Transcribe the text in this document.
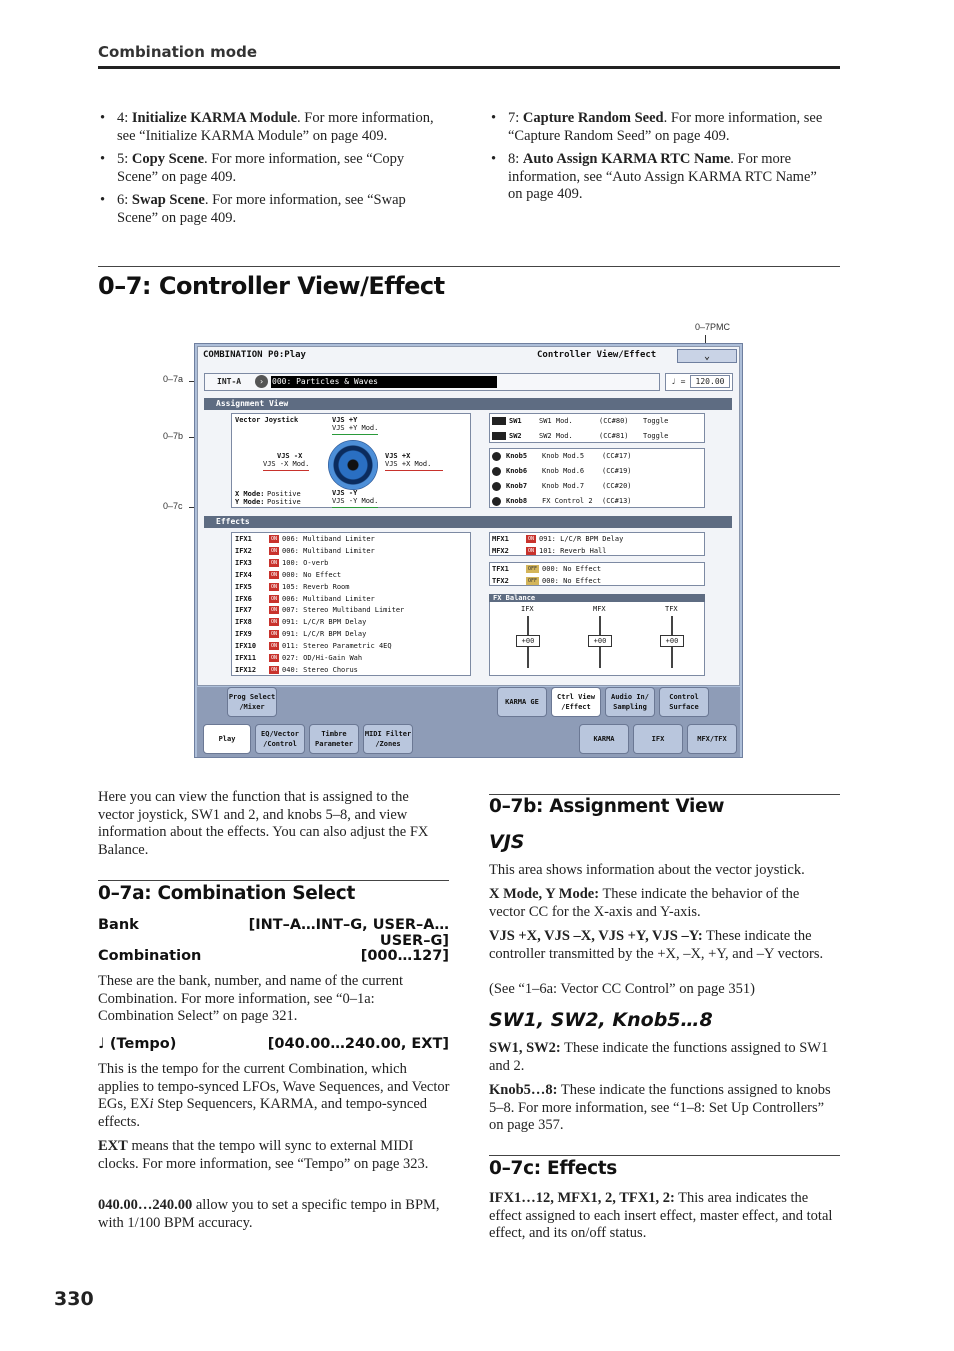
Combination mode
• 4: Initialize KARMA Module. For more information, see “Initialize KARMA Module” on page 409.
• 5: Copy Scene. For more information, see “Copy Scene” on page 409.
• 6: Swap Scene. For more information, see “Swap Scene” on page 409.
• 7: Capture Random Seed. For more information, see “Capture Random Seed” on page 409.
• 8: Auto Assign KARMA RTC Name. For more information, see “Auto Assign KARMA RTC Name” on page 409.
0–7: Controller View/Effect
0–7PMC
0–7a
0–7b
0–7c
COMBINATION P0:Play	Controller View/Effect	⌄
INT-A	›	000: Particles & Waves	♩ =	120.00
Assignment View
Vector Joystick	VJS +Y
VJS +Y Mod.
VJS -X
VJS -X Mod.
VJS +X
VJS +X Mod.
X Mode: Positive
Y Mode: Positive
VJS -Y
VJS -Y Mod.
SW1	SW1 Mod.	(CC#80)	Toggle
SW2	SW2 Mod.	(CC#81)	Toggle
Knob5	Knob Mod.5	(CC#17)
Knob6	Knob Mod.6	(CC#19)
Knob7	Knob Mod.7	(CC#20)
Knob8	FX Control 2	(CC#13)
Effects
IFX1	ON 006: Multiband Limiter
IFX2	ON 006: Multiband Limiter
IFX3	ON 100: O-verb
IFX4	ON 000: No Effect
IFX5	ON 105: Reverb Room
IFX6	ON 006: Multiband Limiter
IFX7	ON 007: Stereo Multiband Limiter
IFX8	ON 091: L/C/R BPM Delay
IFX9	ON 091: L/C/R BPM Delay
IFX10	ON 011: Stereo Parametric 4EQ
IFX11	ON 027: OD/Hi-Gain Wah
IFX12	ON 040: Stereo Chorus
MFX1	ON 091: L/C/R BPM Delay
MFX2	ON 101: Reverb Hall
TFX1	OFF 000: No Effect
TFX2	OFF 000: No Effect
FX Balance
IFX
+00
MFX
+00
TFX
+00
Prog Select /Mixer
KARMA GE
Ctrl View /Effect
Audio In/ Sampling
Control Surface
Play
EQ/Vector /Control
Timbre Parameter
MIDI Filter /Zones
KARMA	IFX	MFX/TFX
Here you can view the function that is assigned to the vector joystick, SW1 and 2, and knobs 5–8, and view information about the effects. You can also adjust the FX Balance.
0–7a: Combination Select
Bank	[INT–A…INT–G, USER–A…USER–G]
Combination	[000…127]
These are the bank, number, and name of the current Combination. For more information, see “0–1a: Combination Select” on page 321.
♩ (Tempo)	[040.00…240.00, EXT]
This is the tempo for the current Combination, which applies to tempo-synced LFOs, Wave Sequences, and Vector EGs, EXi Step Sequencers, KARMA, and tempo-synced effects.
EXT means that the tempo will sync to external MIDI clocks. For more information, see “Tempo” on page 323.
040.00…240.00 allow you to set a specific tempo in BPM, with 1/100 BPM accuracy.
0–7b: Assignment View
VJS
This area shows information about the vector joystick.
X Mode, Y Mode: These indicate the behavior of the vector CC for the X-axis and Y-axis.
VJS +X, VJS –X, VJS +Y, VJS –Y: These indicate the controller transmitted by the +X, –X, +Y, and –Y vectors.
(See “1–6a: Vector CC Control” on page 351)
SW1, SW2, Knob5…8
SW1, SW2: These indicate the functions assigned to SW1 and 2.
Knob5…8: These indicate the functions assigned to knobs 5–8. For more information, see “1–8: Set Up Controllers” on page 357.
0–7c: Effects
IFX1…12, MFX1, 2, TFX1, 2: This area indicates the effect assigned to each insert effect, master effect, and total effect, and its on/off status.
330
